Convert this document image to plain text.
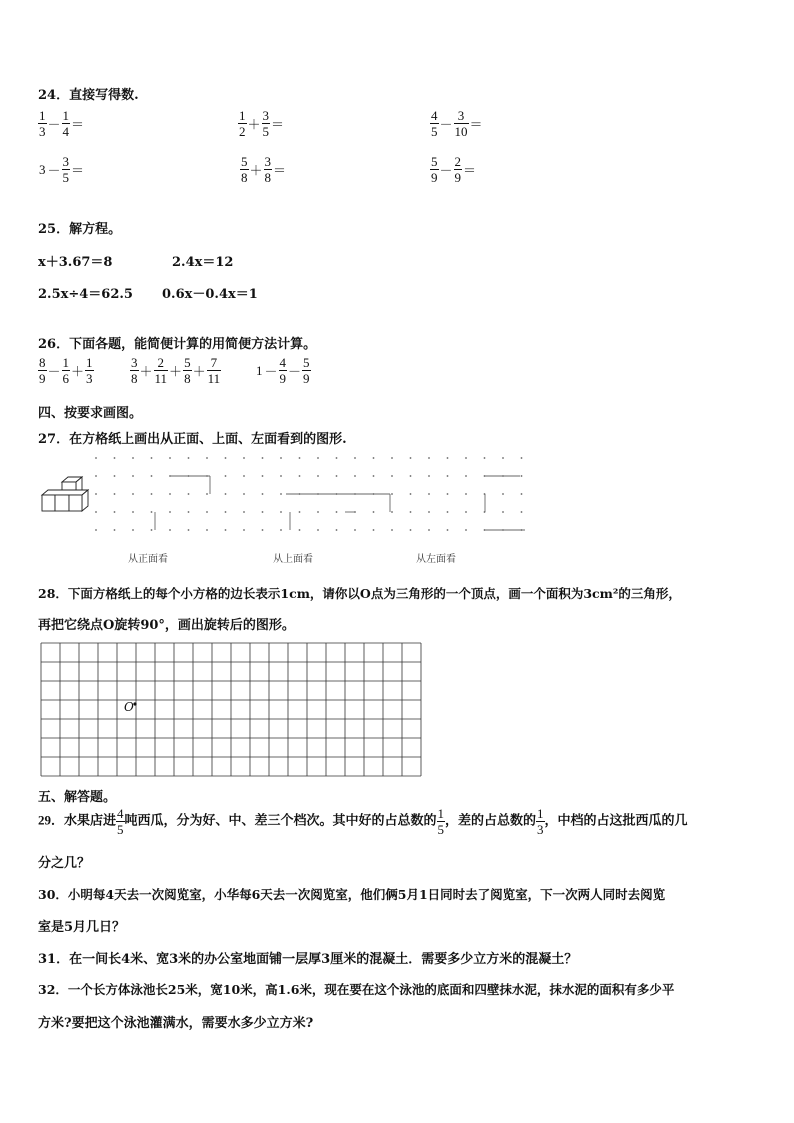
24．直接写得数.
$\frac{1}{3} - \frac{1}{4}$ ＝	$\frac{1}{2} + \frac{3}{5}$ ＝	$\frac{4}{5} - \frac{3}{10}$ ＝
$3 - \frac{3}{5}$ ＝	$\frac{5}{8} + \frac{3}{8}$ ＝	$\frac{5}{9} - \frac{2}{9}$ ＝
25．解方程。
x＋3.67＝8	2.4x＝12
2.5x÷4＝62.5 0.6x－0.4x＝1
26．下面各题，能简便计算的用简便方法计算。
$\frac{8}{9} - \frac{1}{6} + \frac{1}{3}$	$\frac{3}{8} + \frac{2}{11} + \frac{5}{8} + \frac{7}{11}$	$1 - \frac{4}{9} - \frac{5}{9}$
四、按要求画图。
27．在方格纸上画出从正面、上面、左面看到的图形.
从正面看	从上面看	从左面看
28．下面方格纸上的每个小方格的边长表示1cm，请你以O点为三角形的一个顶点，画一个面积为3cm²的三角形，
再把它绕点O旋转90°，画出旋转后的图形。
O
五、解答题。
29．水果店进 $\frac{4}{5}$ 吨西瓜，分为好、中、差三个档次。其中好的占总数的 $\frac{1}{5}$ ，差的占总数的 $\frac{1}{3}$ ，中档的占这批西瓜的几
分之几？
30．小明每4天去一次阅览室，小华每6天去一次阅览室，他们俩5月1日同时去了阅览室，下一次两人同时去阅览
室是5月几日？
31．在一间长4米、宽3米的办公室地面铺一层厚3厘米的混凝土．需要多少立方米的混凝土？
32．一个长方体泳池长25米，宽10米，高1.6米，现在要在这个泳池的底面和四壁抹水泥，抹水泥的面积有多少平
方米?要把这个泳池灌满水，需要水多少立方米?
